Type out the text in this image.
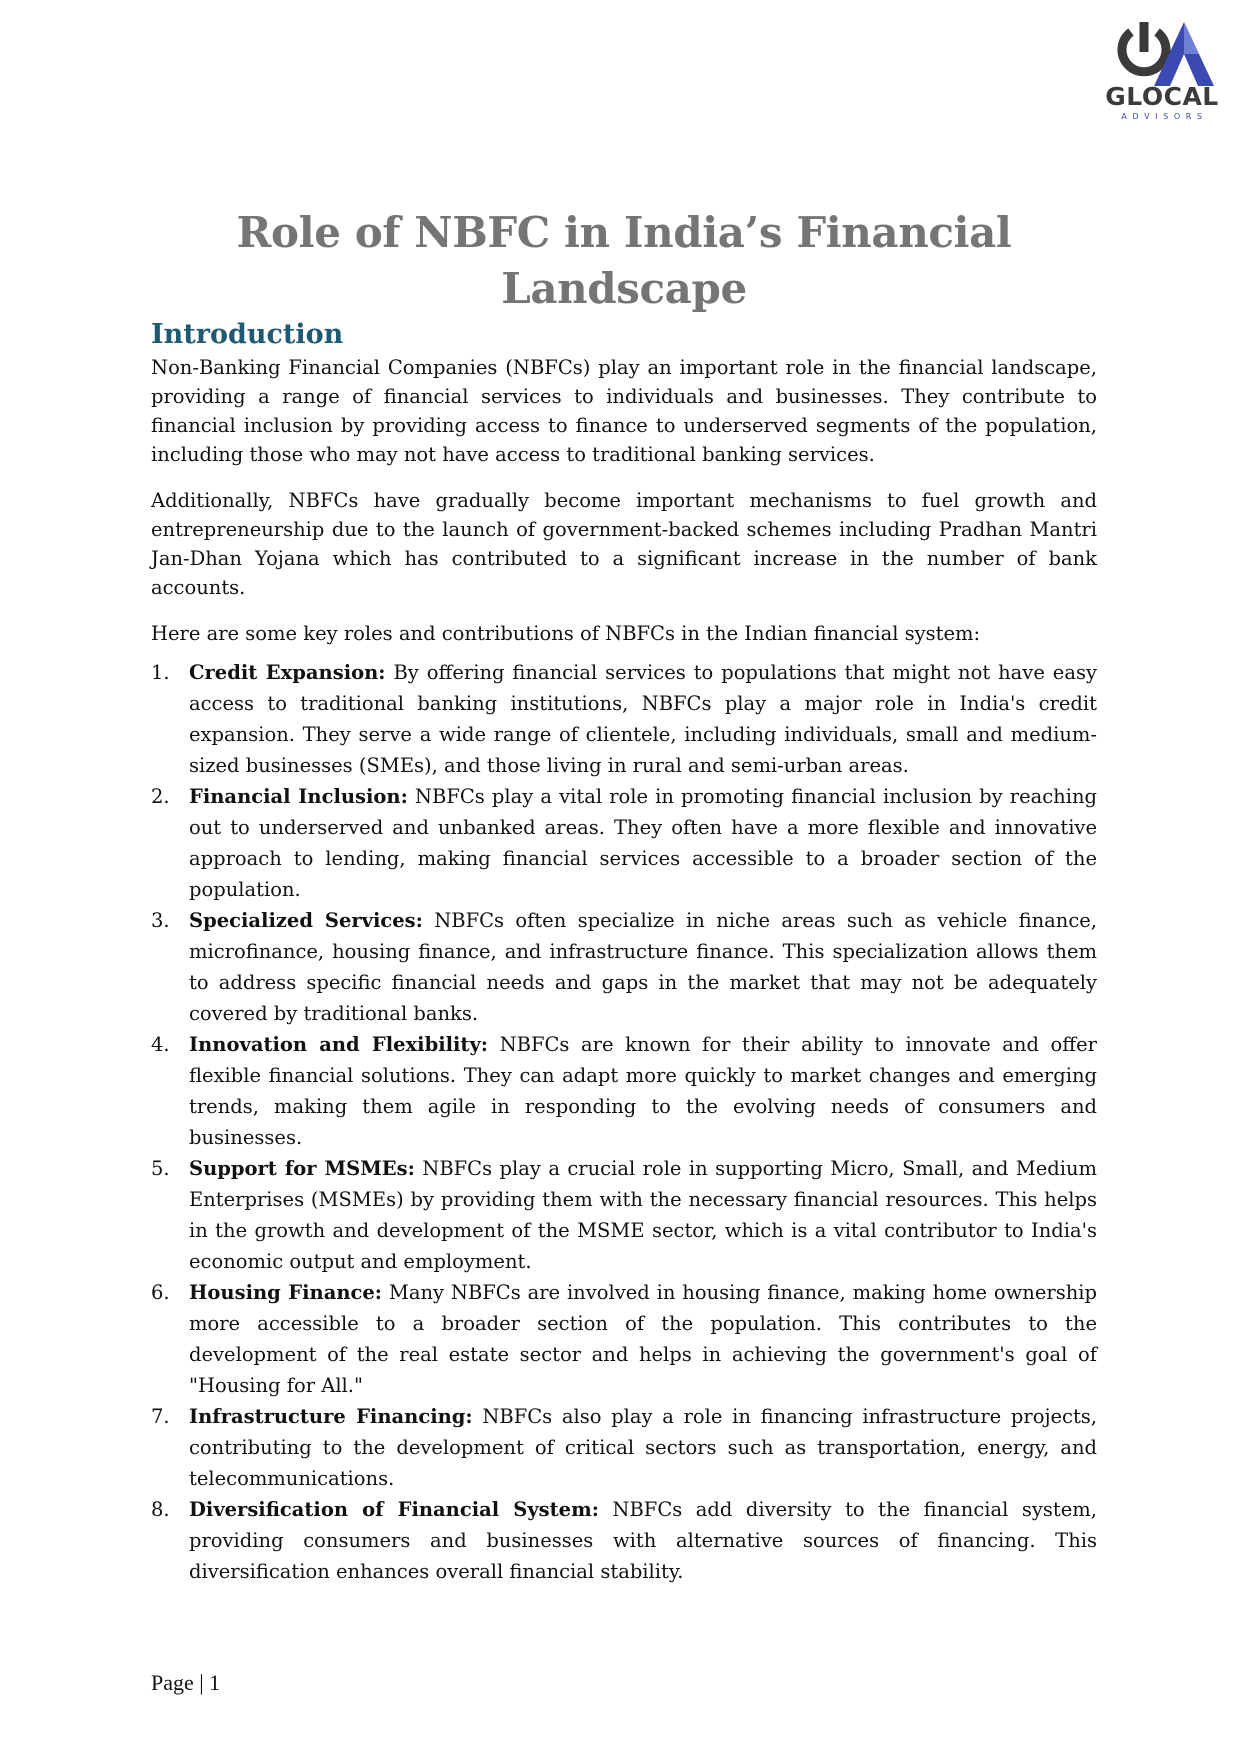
GLOCAL
ADVISORS
Role of NBFC in India’s Financial Landscape
Introduction

Non-Banking Financial Companies (NBFCs) play an important role in the financial landscape, providing a range of financial services to individuals and businesses. They contribute to financial inclusion by providing access to finance to underserved segments of the population, including those who may not have access to traditional banking services.

Additionally, NBFCs have gradually become important mechanisms to fuel growth and entrepreneurship due to the launch of government-backed schemes including Pradhan Mantri Jan-Dhan Yojana which has contributed to a significant increase in the number of bank accounts.

Here are some key roles and contributions of NBFCs in the Indian financial system:

1. Credit Expansion: By offering financial services to populations that might not have easy access to traditional banking institutions, NBFCs play a major role in India's credit expansion. They serve a wide range of clientele, including individuals, small and medium-sized businesses (SMEs), and those living in rural and semi-urban areas.
2. Financial Inclusion: NBFCs play a vital role in promoting financial inclusion by reaching out to underserved and unbanked areas. They often have a more flexible and innovative approach to lending, making financial services accessible to a broader section of the population.
3. Specialized Services: NBFCs often specialize in niche areas such as vehicle finance, microfinance, housing finance, and infrastructure finance. This specialization allows them to address specific financial needs and gaps in the market that may not be adequately covered by traditional banks.
4. Innovation and Flexibility: NBFCs are known for their ability to innovate and offer flexible financial solutions. They can adapt more quickly to market changes and emerging trends, making them agile in responding to the evolving needs of consumers and businesses.
5. Support for MSMEs: NBFCs play a crucial role in supporting Micro, Small, and Medium Enterprises (MSMEs) by providing them with the necessary financial resources. This helps in the growth and development of the MSME sector, which is a vital contributor to India's economic output and employment.
6. Housing Finance: Many NBFCs are involved in housing finance, making home ownership more accessible to a broader section of the population. This contributes to the development of the real estate sector and helps in achieving the government's goal of "Housing for All."
7. Infrastructure Financing: NBFCs also play a role in financing infrastructure projects, contributing to the development of critical sectors such as transportation, energy, and telecommunications.
8. Diversification of Financial System: NBFCs add diversity to the financial system, providing consumers and businesses with alternative sources of financing. This diversification enhances overall financial stability.
Page | 1
